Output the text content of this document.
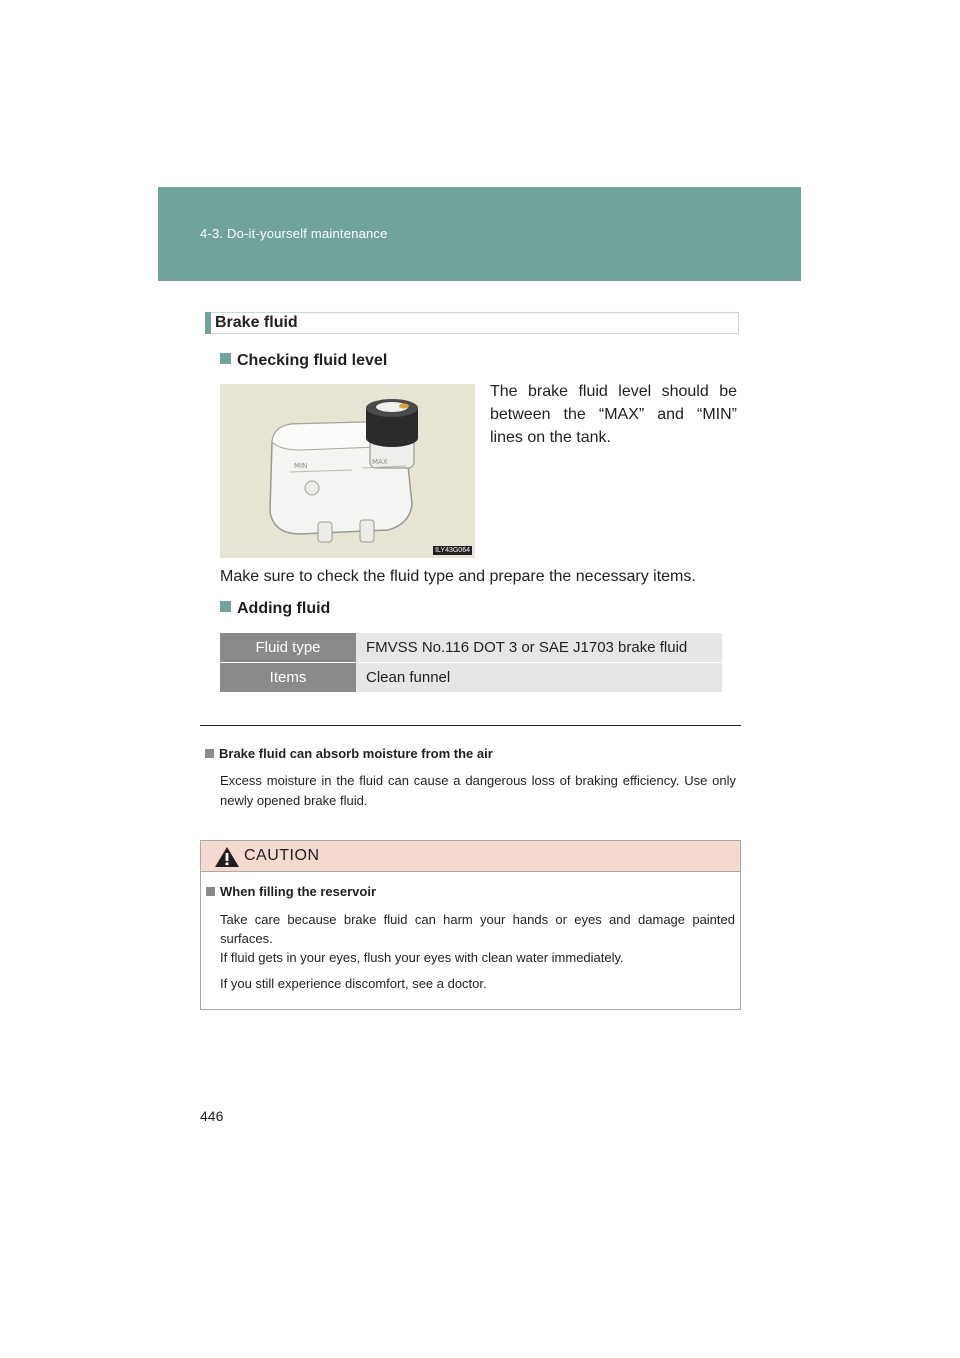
4-3. Do-it-yourself maintenance
Brake fluid
Checking fluid level
MIN	MAX
ILY43G064
The brake fluid level should be between the “MAX” and “MIN” lines on the tank.
Make sure to check the fluid type and prepare the necessary items.
Adding fluid
Fluid type	FMVSS No.116 DOT 3 or SAE J1703 brake fluid
Items	Clean funnel
Brake fluid can absorb moisture from the air
Excess moisture in the fluid can cause a dangerous loss of braking efficiency. Use only newly opened brake fluid.
CAUTION
When filling the reservoir

Take care because brake fluid can harm your hands or eyes and damage painted surfaces.

If fluid gets in your eyes, flush your eyes with clean water immediately.

If you still experience discomfort, see a doctor.

446
